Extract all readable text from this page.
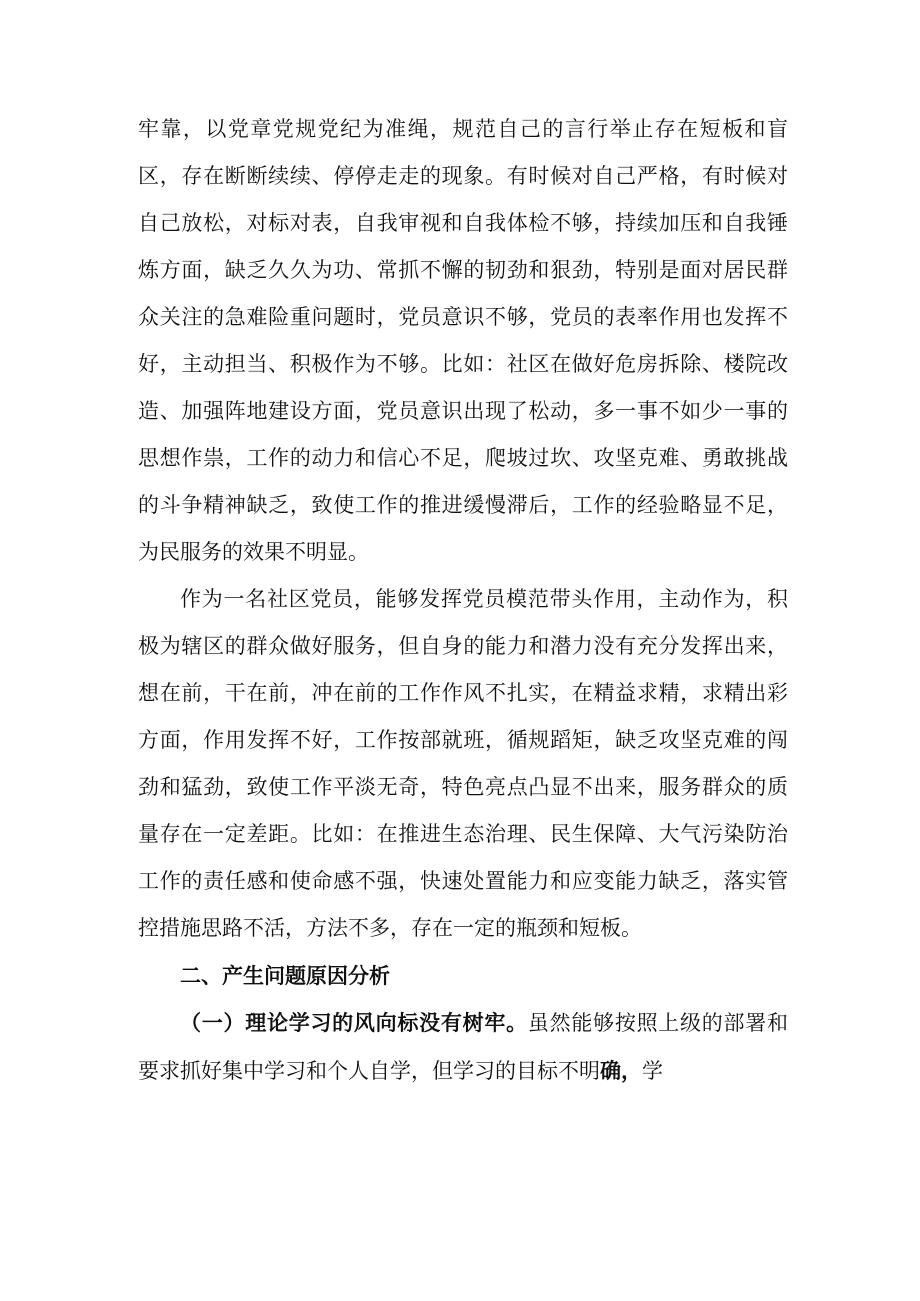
牢靠，以党章党规党纪为准绳，规范自己的言行举止存在短板和盲区，存在断断续续、停停走走的现象。有时候对自己严格，有时候对自己放松，对标对表，自我审视和自我体检不够，持续加压和自我锤炼方面，缺乏久久为功、常抓不懈的韧劲和狠劲，特别是面对居民群众关注的急难险重问题时，党员意识不够，党员的表率作用也发挥不好，主动担当、积极作为不够。比如：社区在做好危房拆除、楼院改造、加强阵地建设方面，党员意识出现了松动，多一事不如少一事的思想作祟，工作的动力和信心不足，爬坡过坎、攻坚克难、勇敢挑战的斗争精神缺乏，致使工作的推进缓慢滞后，工作的经验略显不足，为民服务的效果不明显。

作为一名社区党员，能够发挥党员模范带头作用，主动作为，积极为辖区的群众做好服务，但自身的能力和潜力没有充分发挥出来，想在前，干在前，冲在前的工作作风不扎实，在精益求精，求精出彩方面，作用发挥不好，工作按部就班，循规蹈矩，缺乏攻坚克难的闯劲和猛劲，致使工作平淡无奇，特色亮点凸显不出来，服务群众的质量存在一定差距。比如：在推进生态治理、民生保障、大气污染防治工作的责任感和使命感不强，快速处置能力和应变能力缺乏，落实管控措施思路不活，方法不多，存在一定的瓶颈和短板。

二、产生问题原因分析

（一）理论学习的风向标没有树牢。虽然能够按照上级的部署和要求抓好集中学习和个人自学，但学习的目标不明确，学
